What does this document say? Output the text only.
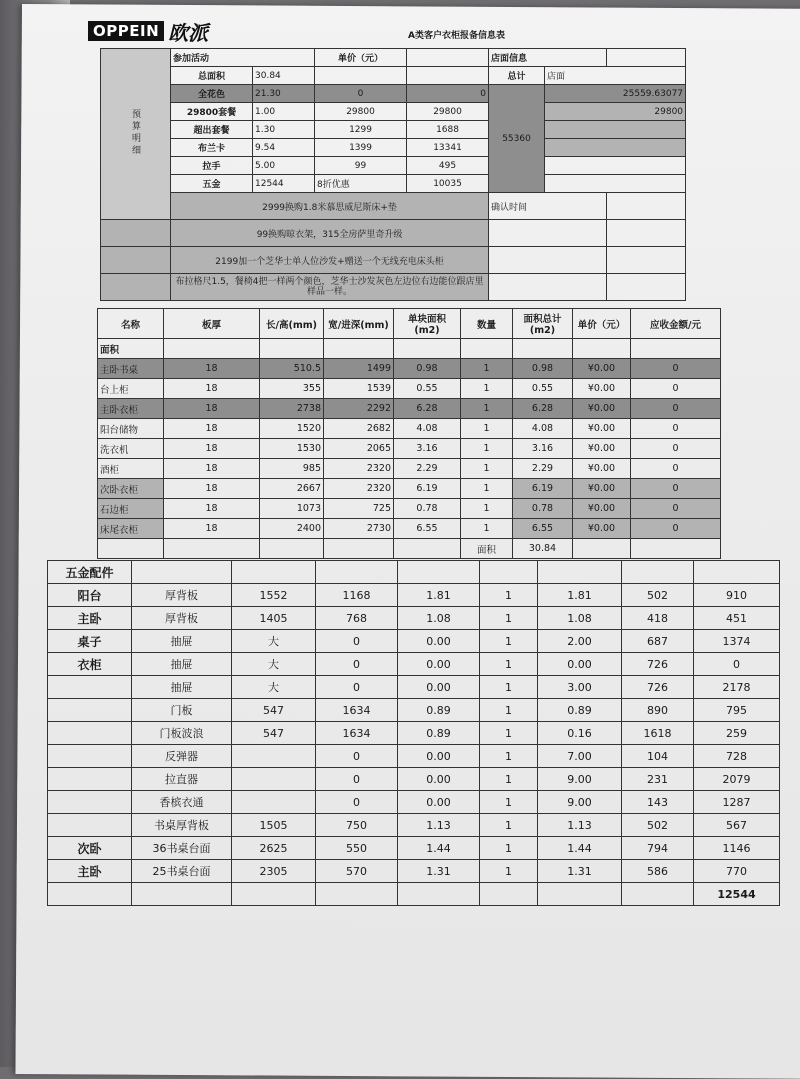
OPPEIN 欧派	A类客户衣柜报备信息表
预算明细	参加活动		单价（元）		店面信息			
	总面积	30.84			总计	店面		
	全花色	21.30	0	0	55360	25559.63077	
	29800套餐	1.00	29800	29800		29800	
	超出套餐	1.30	1299	1688		
	布兰卡	9.54	1399	13341		
	拉手	5.00	99	495				
	五金	12544	8折优惠	10035				
	2999换购1.8米慕思威尼斯床+垫				确认时间			
	99换购晾衣架，315全房萨里奇升级							
	2199加一个芝华士单人位沙发+赠送一个无线充电床头柜							
	布拉格尺1.5，餐椅4把一样两个颜色，芝华士沙发灰色左边位右边能位跟店里样品一样。							
名称	板厚	长/高(mm)	宽/进深(mm)	单块面积(m2)	数量	面积总计(m2)	单价（元）	应收金额/元
面积								
主卧书桌	18	510.5	1499	0.98	1	0.98	¥0.00	0
台上柜	18	355	1539	0.55	1	0.55	¥0.00	0
主卧衣柜	18	2738	2292	6.28	1	6.28	¥0.00	0
阳台储物	18	1520	2682	4.08	1	4.08	¥0.00	0
洗衣机	18	1530	2065	3.16	1	3.16	¥0.00	0
酒柜	18	985	2320	2.29	1	2.29	¥0.00	0
次卧衣柜	18	2667	2320	6.19	1	6.19	¥0.00	0
石边柜	18	1073	725	0.78	1	0.78	¥0.00	0
床尾衣柜	18	2400	2730	6.55	1	6.55	¥0.00	0
					面积	30.84		
五金配件								
阳台	厚背板	1552	1168	1.81	1	1.81	502	910
主卧	厚背板	1405	768	1.08	1	1.08	418	451
桌子	抽屉	大	0	0.00	1	2.00	687	1374
衣柜	抽屉	大	0	0.00	1	0.00	726	0
	抽屉	大	0	0.00	1	3.00	726	2178
	门板	547	1634	0.89	1	0.89	890	795
	门板波浪	547	1634	0.89	1	0.16	1618	259
	反弹器		0	0.00	1	7.00	104	728
	拉直器		0	0.00	1	9.00	231	2079
	香槟衣通		0	0.00	1	9.00	143	1287
	书桌厚背板	1505	750	1.13	1	1.13	502	567
次卧	36书桌台面	2625	550	1.44	1	1.44	794	1146
主卧	25书桌台面	2305	570	1.31	1	1.31	586	770
								12544
